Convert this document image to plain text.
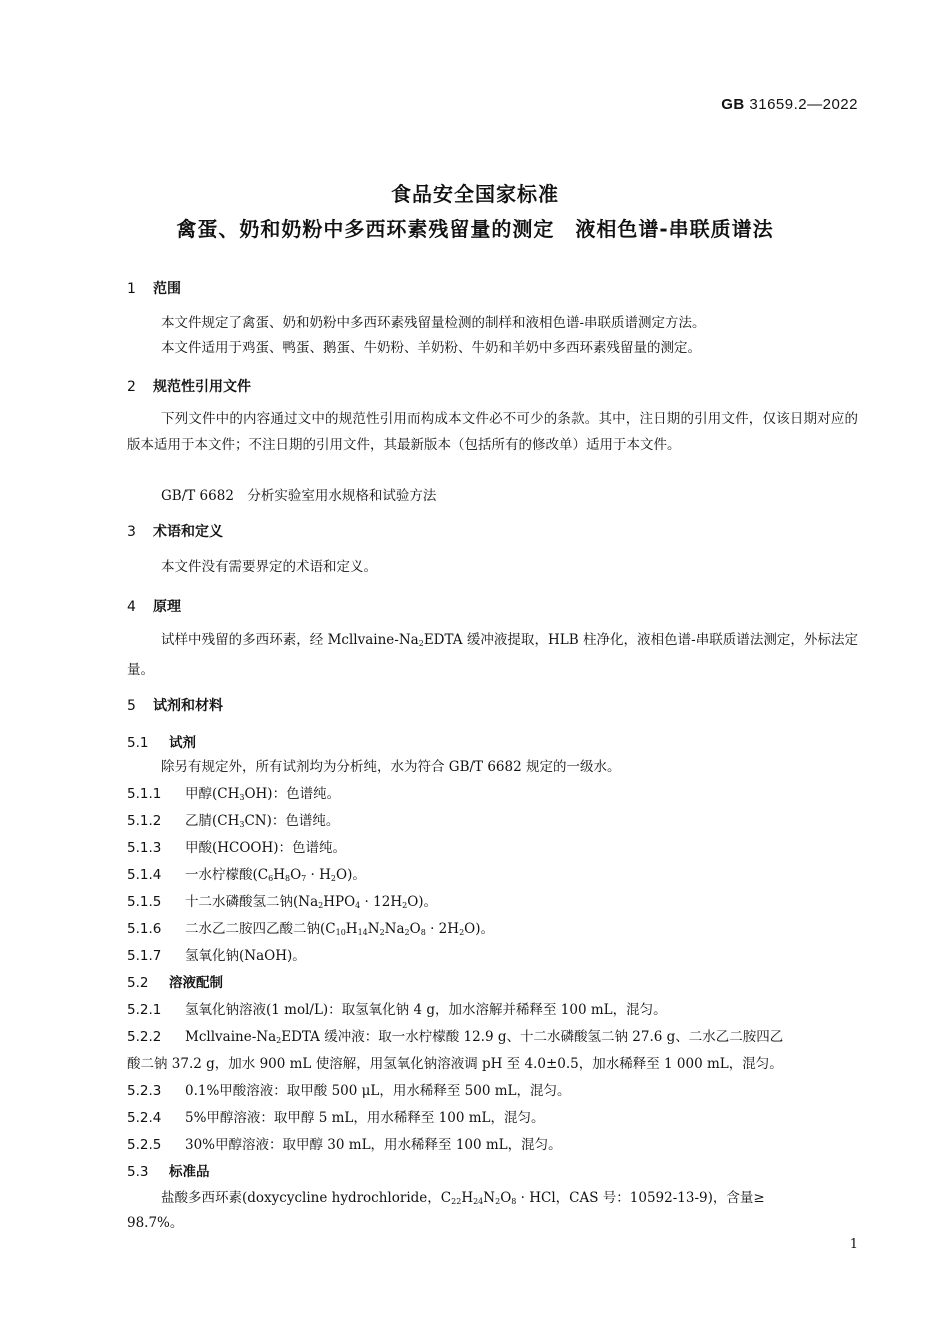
GB 31659.2—2022
食品安全国家标准
禽蛋、奶和奶粉中多西环素残留量的测定　液相色谱-串联质谱法
1 范围
本文件规定了禽蛋、奶和奶粉中多西环素残留量检测的制样和液相色谱-串联质谱测定方法。
本文件适用于鸡蛋、鸭蛋、鹅蛋、牛奶粉、羊奶粉、牛奶和羊奶中多西环素残留量的测定。
2 规范性引用文件
下列文件中的内容通过文中的规范性引用而构成本文件必不可少的条款。其中，注日期的引用文件，仅该日期对应的版本适用于本文件；不注日期的引用文件，其最新版本（包括所有的修改单）适用于本文件。
GB/T 6682　分析实验室用水规格和试验方法
3 术语和定义
本文件没有需要界定的术语和定义。
4 原理
试样中残留的多西环素，经 Mcllvaine-$Na_2EDTA$ 缓冲液提取，HLB 柱净化，液相色谱-串联质谱法测定，外标法定量。
5 试剂和材料
5.1 试剂
除另有规定外，所有试剂均为分析纯，水为符合 GB/T 6682 规定的一级水。
5.1.1 甲醇$(CH_3OH)$：色谱纯。
5.1.2 乙腈$(CH_3CN)$：色谱纯。
5.1.3 甲酸(HCOOH)：色谱纯。
5.1.4 一水柠檬酸$(C_6H_8O_7 \cdot H_2O)$。
5.1.5 十二水磷酸氢二钠$(Na_2HPO_4 \cdot 12H_2O)$。
5.1.6 二水乙二胺四乙酸二钠$(C_{10}H_{14}N_2Na_2O_8 \cdot 2H_2O)$。
5.1.7 氢氧化钠(NaOH)。
5.2 溶液配制
5.2.1 氢氧化钠溶液(1 mol/L)：取氢氧化钠 4 g，加水溶解并稀释至 100 mL，混匀。
5.2.2 Mcllvaine-$Na_2EDTA$ 缓冲液：取一水柠檬酸 12.9 g、十二水磷酸氢二钠 27.6 g、二水乙二胺四乙
酸二钠 37.2 g，加水 900 mL 使溶解，用氢氧化钠溶液调 pH 至 4.0±0.5，加水稀释至 1 000 mL，混匀。
5.2.3 0.1%甲酸溶液：取甲酸 500 μL，用水稀释至 500 mL，混匀。
5.2.4 5%甲醇溶液：取甲醇 5 mL，用水稀释至 100 mL，混匀。
5.2.5 30%甲醇溶液：取甲醇 30 mL，用水稀释至 100 mL，混匀。
5.3 标准品
盐酸多西环素(doxycycline hydrochloride，$C_{22}H_{24}N_2O_8$ · HCl，CAS 号：10592-13-9)，含量≥
98.7%。
1
